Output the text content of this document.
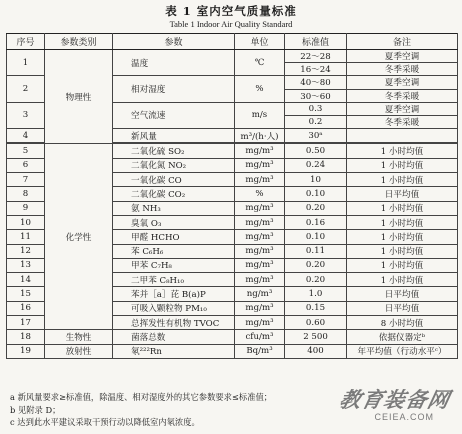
表 1 室内空气质量标准
Table 1 Indoor Air Quality Standard
序号	参数类别	参数	单位	标准值	备注
1	物理性	温度	℃	22～28	夏季空调
				16～24	冬季采暖
2		相对湿度	%	40～80	夏季空调
				30～60	冬季采暖
3		空气流速	m/s	0.3	夏季空调
				0.2	冬季采暖
4		新风量	m³/(h·人)	30ᵃ	

5	化学性	二氧化硫 SO₂	mg/m³	0.50	1 小时均值
6		二氧化氮 NO₂	mg/m³	0.24	1 小时均值
7		一氧化碳 CO	mg/m³	10	1 小时均值
8		二氧化碳 CO₂	%	0.10	日平均值
9		氨 NH₃	mg/m³	0.20	1 小时均值
10		臭氧 O₃	mg/m³	0.16	1 小时均值
11		甲醛 HCHO	mg/m³	0.10	1 小时均值
12		苯 C₆H₆	mg/m³	0.11	1 小时均值
13		甲苯 C₇H₈	mg/m³	0.20	1 小时均值
14		二甲苯 C₈H₁₀	mg/m³	0.20	1 小时均值
15		苯并［a］芘 B(a)P	ng/m³	1.0	日平均值
16		可吸入颗粒物 PM₁₀	mg/m³	0.15	日平均值
17		总挥发性有机物 TVOC	mg/m³	0.60	8 小时均值
18	生物性	菌落总数	cfu/m³	2 500	依据仪器定ᵇ
19	放射性	氡²²²Rn	Bq/m³	400	年平均值（行动水平ᶜ）
a 新风量要求≥标准值，除温度、相对湿度外的其它参数要求≤标准值；
b 见附录 D；
c 达到此水平建议采取干预行动以降低室内氡浓度。
教育装备网
CEIEA.COM
